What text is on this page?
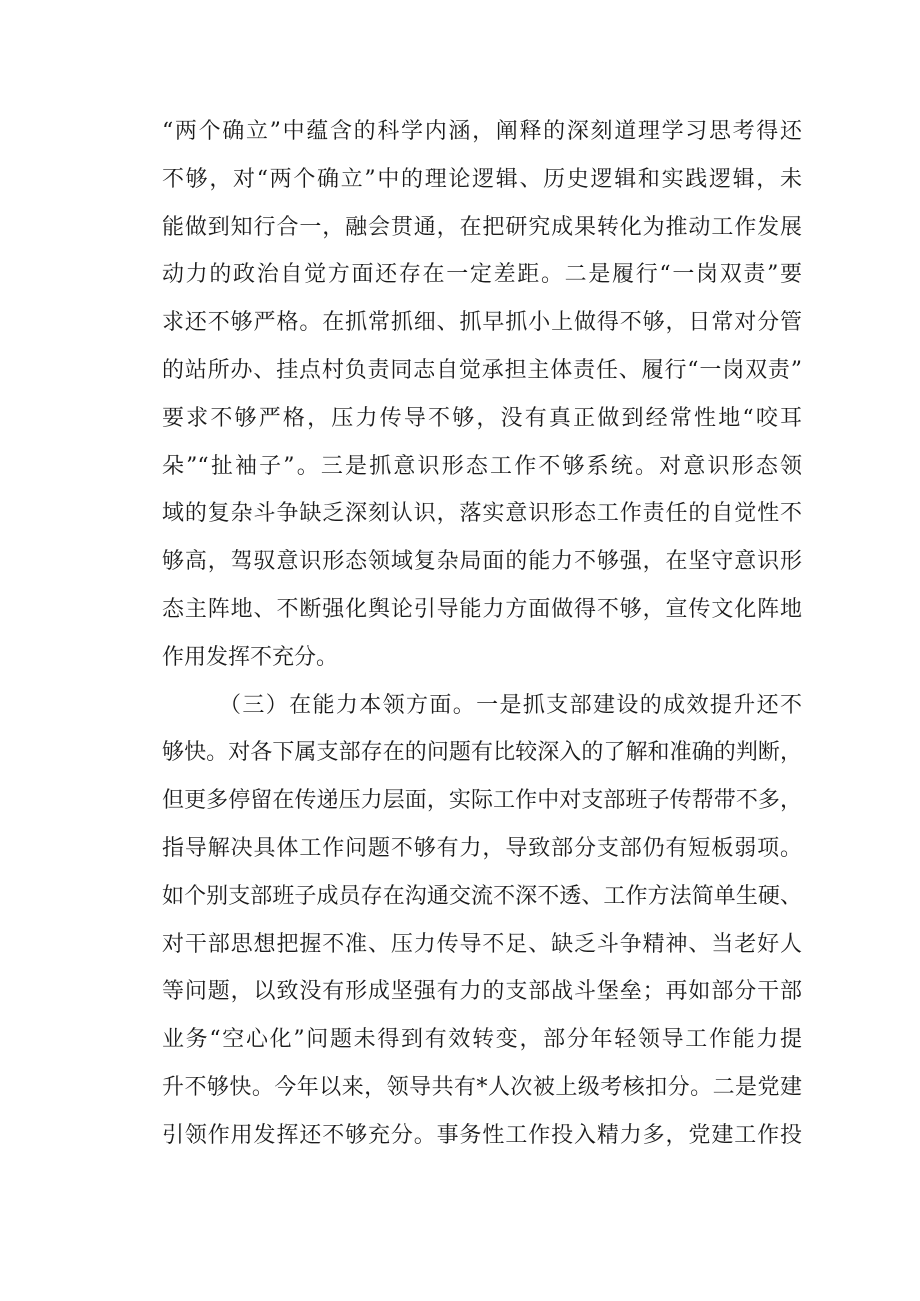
“两个确立”中蕴含的科学内涵，阐释的深刻道理学习思考得还
不够，对“两个确立”中的理论逻辑、历史逻辑和实践逻辑，未
能做到知行合一，融会贯通，在把研究成果转化为推动工作发展
动力的政治自觉方面还存在一定差距。二是履行“一岗双责”要
求还不够严格。在抓常抓细、抓早抓小上做得不够，日常对分管
的站所办、挂点村负责同志自觉承担主体责任、履行“一岗双责”
要求不够严格，压力传导不够，没有真正做到经常性地“咬耳
朵”“扯袖子”。三是抓意识形态工作不够系统。对意识形态领
域的复杂斗争缺乏深刻认识，落实意识形态工作责任的自觉性不
够高，驾驭意识形态领域复杂局面的能力不够强，在坚守意识形
态主阵地、不断强化舆论引导能力方面做得不够，宣传文化阵地
作用发挥不充分。
（三）在能力本领方面。一是抓支部建设的成效提升还不
够快。对各下属支部存在的问题有比较深入的了解和准确的判断，
但更多停留在传递压力层面，实际工作中对支部班子传帮带不多，
指导解决具体工作问题不够有力，导致部分支部仍有短板弱项。
如个别支部班子成员存在沟通交流不深不透、工作方法简单生硬、
对干部思想把握不准、压力传导不足、缺乏斗争精神、当老好人
等问题，以致没有形成坚强有力的支部战斗堡垒；再如部分干部
业务“空心化”问题未得到有效转变，部分年轻领导工作能力提
升不够快。今年以来，领导共有*人次被上级考核扣分。二是党建
引领作用发挥还不够充分。事务性工作投入精力多，党建工作投
